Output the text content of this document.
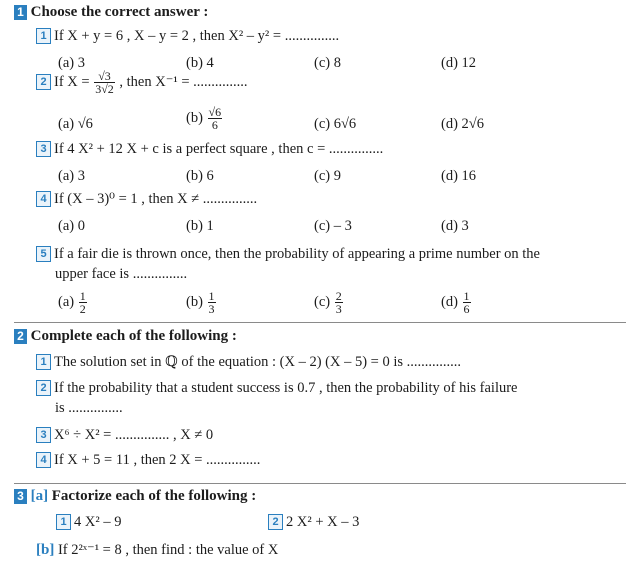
1 Choose the correct answer :
1 If X + y = 6 , X – y = 2 , then X² – y² = ...............
(a) 3	(b) 4	(c) 8	(d) 12
2 If $X = \frac{√3}{3√2}$ , then X⁻¹ = ...............
(a) √6	$(b) \frac{√6}{6}$	(c) 6√6	(d) 2√6
3 If 4 X² + 12 X + c is a perfect square , then c = ...............
(a) 3	(b) 6	(c) 9	(d) 16
4 If (X – 3)⁰ = 1 , then X ≠ ...............
(a) 0	(b) 1	(c) – 3	(d) 3
5 If a fair die is thrown once, then the probability of appearing a prime number on the
upper face is ...............
$(a) \frac{1}{2}$	$(b) \frac{1}{3}$	$(c) \frac{2}{3}$	$(d) \frac{1}{6}$
2 Complete each of the following :
1 The solution set in ℚ of the equation : (X – 2) (X – 5) = 0 is ...............
2 If the probability that a student success is 0.7 , then the probability of his failure
is ...............
3 X⁶ ÷ X² = ............... , X ≠ 0
4 If X + 5 = 11 , then 2 X = ...............
3 [a] Factorize each of the following :
1 4 X² – 9	2 2 X² + X – 3
[b] If 2²ˣ⁻¹ = 8 , then find : the value of X
